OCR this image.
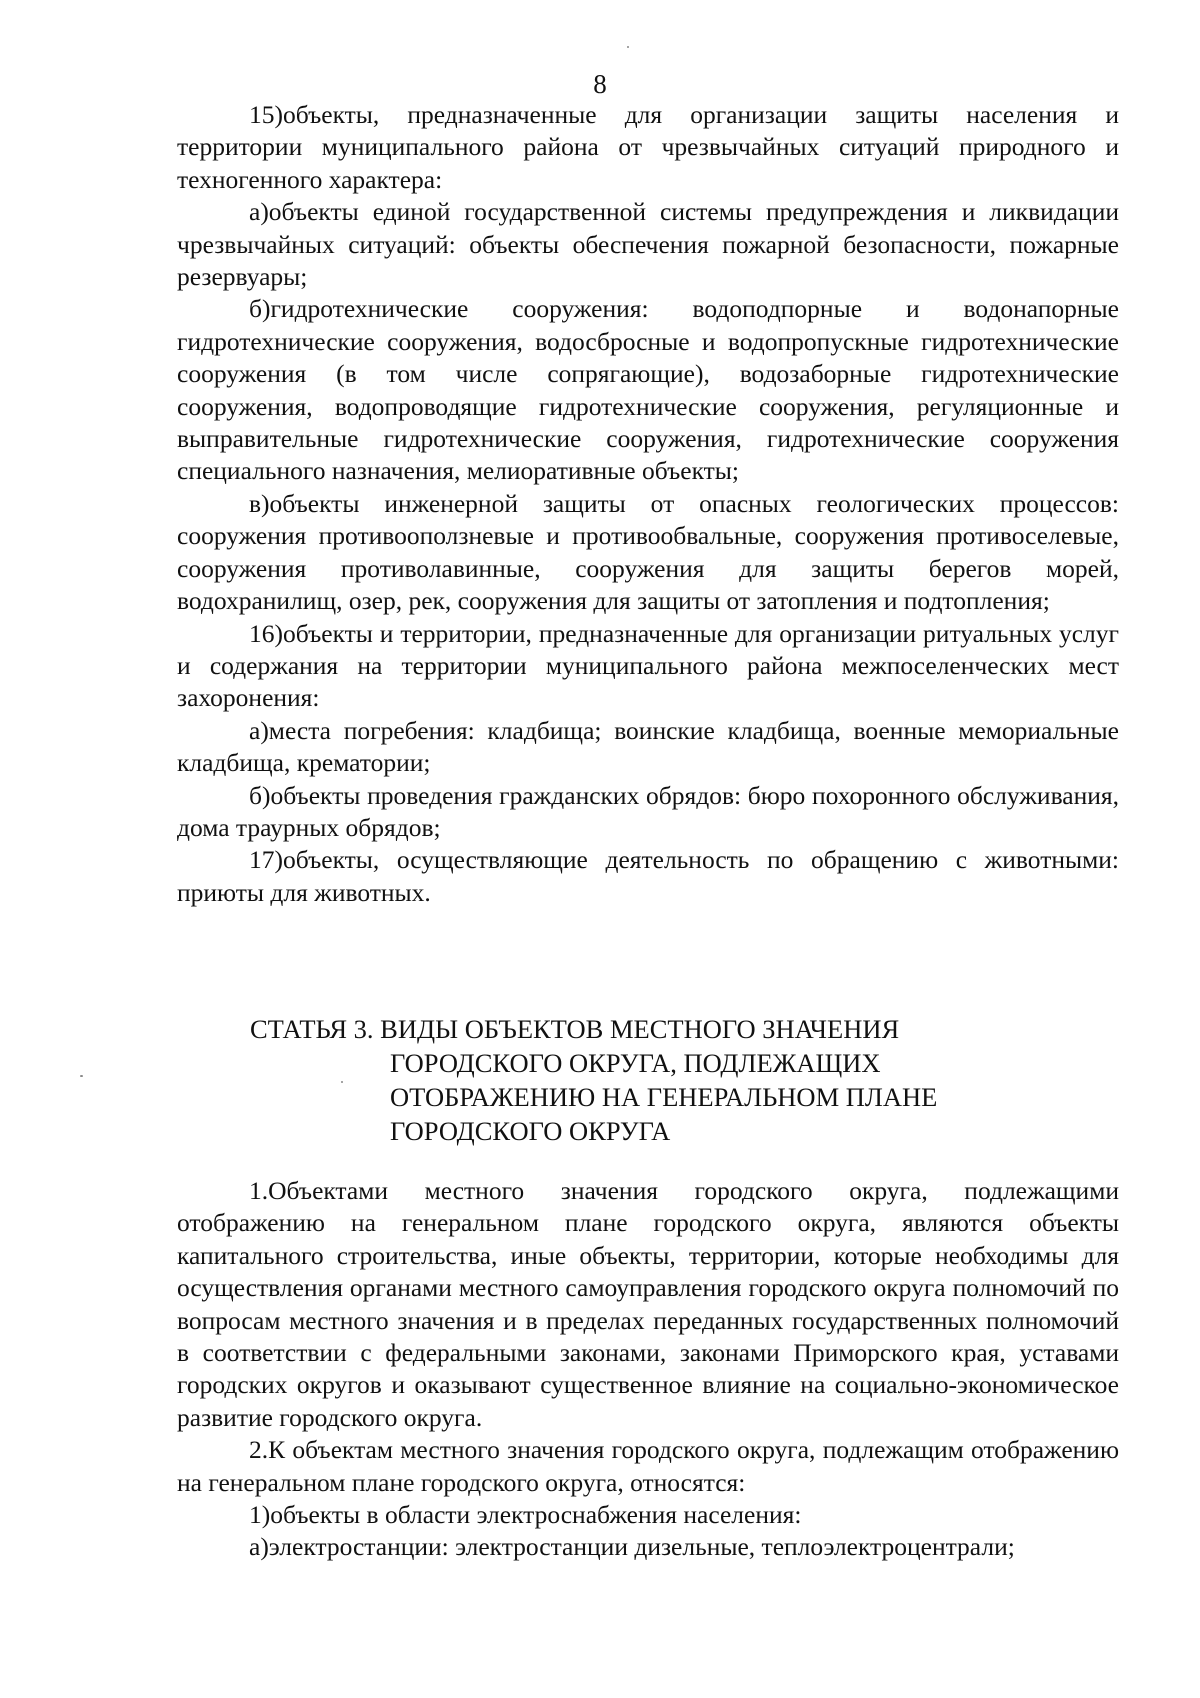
8

15)объекты, предназначенные для организации защиты населения и территории муниципального района от чрезвычайных ситуаций природного и техногенного характера:

а)объекты единой государственной системы предупреждения и ликвидации чрезвычайных ситуаций: объекты обеспечения пожарной безопасности, пожарные резервуары;

б)гидротехнические сооружения: водоподпорные и водонапорные гидротехнические сооружения, водосбросные и водопропускные гидротехнические сооружения (в том числе сопрягающие), водозаборные гидротехнические сооружения, водопроводящие гидротехнические сооружения, регуляционные и выправительные гидротехнические сооружения, гидротехнические сооружения специального назначения, мелиоративные объекты;

в)объекты инженерной защиты от опасных геологических процессов: сооружения противооползневые и противообвальные, сооружения противоселевые, сооружения противолавинные, сооружения для защиты берегов морей, водохранилищ, озер, рек, сооружения для защиты от затопления и подтопления;

16)объекты и территории, предназначенные для организации ритуальных услуг и содержания на территории муниципального района межпоселенческих мест захоронения:

а)места погребения: кладбища; воинские кладбища, военные мемориальные кладбища, крематории;

б)объекты проведения гражданских обрядов: бюро похоронного обслуживания, дома траурных обрядов;

17)объекты, осуществляющие деятельность по обращению с животными: приюты для животных.

СТАТЬЯ 3. ВИДЫ ОБЪЕКТОВ МЕСТНОГО ЗНАЧЕНИЯ
ГОРОДСКОГО ОКРУГА, ПОДЛЕЖАЩИХ
ОТОБРАЖЕНИЮ НА ГЕНЕРАЛЬНОМ ПЛАНЕ
ГОРОДСКОГО ОКРУГА

1.Объектами местного значения городского округа, подлежащими отображению на генеральном плане городского округа, являются объекты капитального строительства, иные объекты, территории, которые необходимы для осуществления органами местного самоуправления городского округа полномочий по вопросам местного значения и в пределах переданных государственных полномочий в соответствии с федеральными законами, законами Приморского края, уставами городских округов и оказывают существенное влияние на социально-экономическое развитие городского округа.

2.К объектам местного значения городского округа, подлежащим отображению на генеральном плане городского округа, относятся:

1)объекты в области электроснабжения населения:

а)электростанции: электростанции дизельные, теплоэлектроцентрали;
